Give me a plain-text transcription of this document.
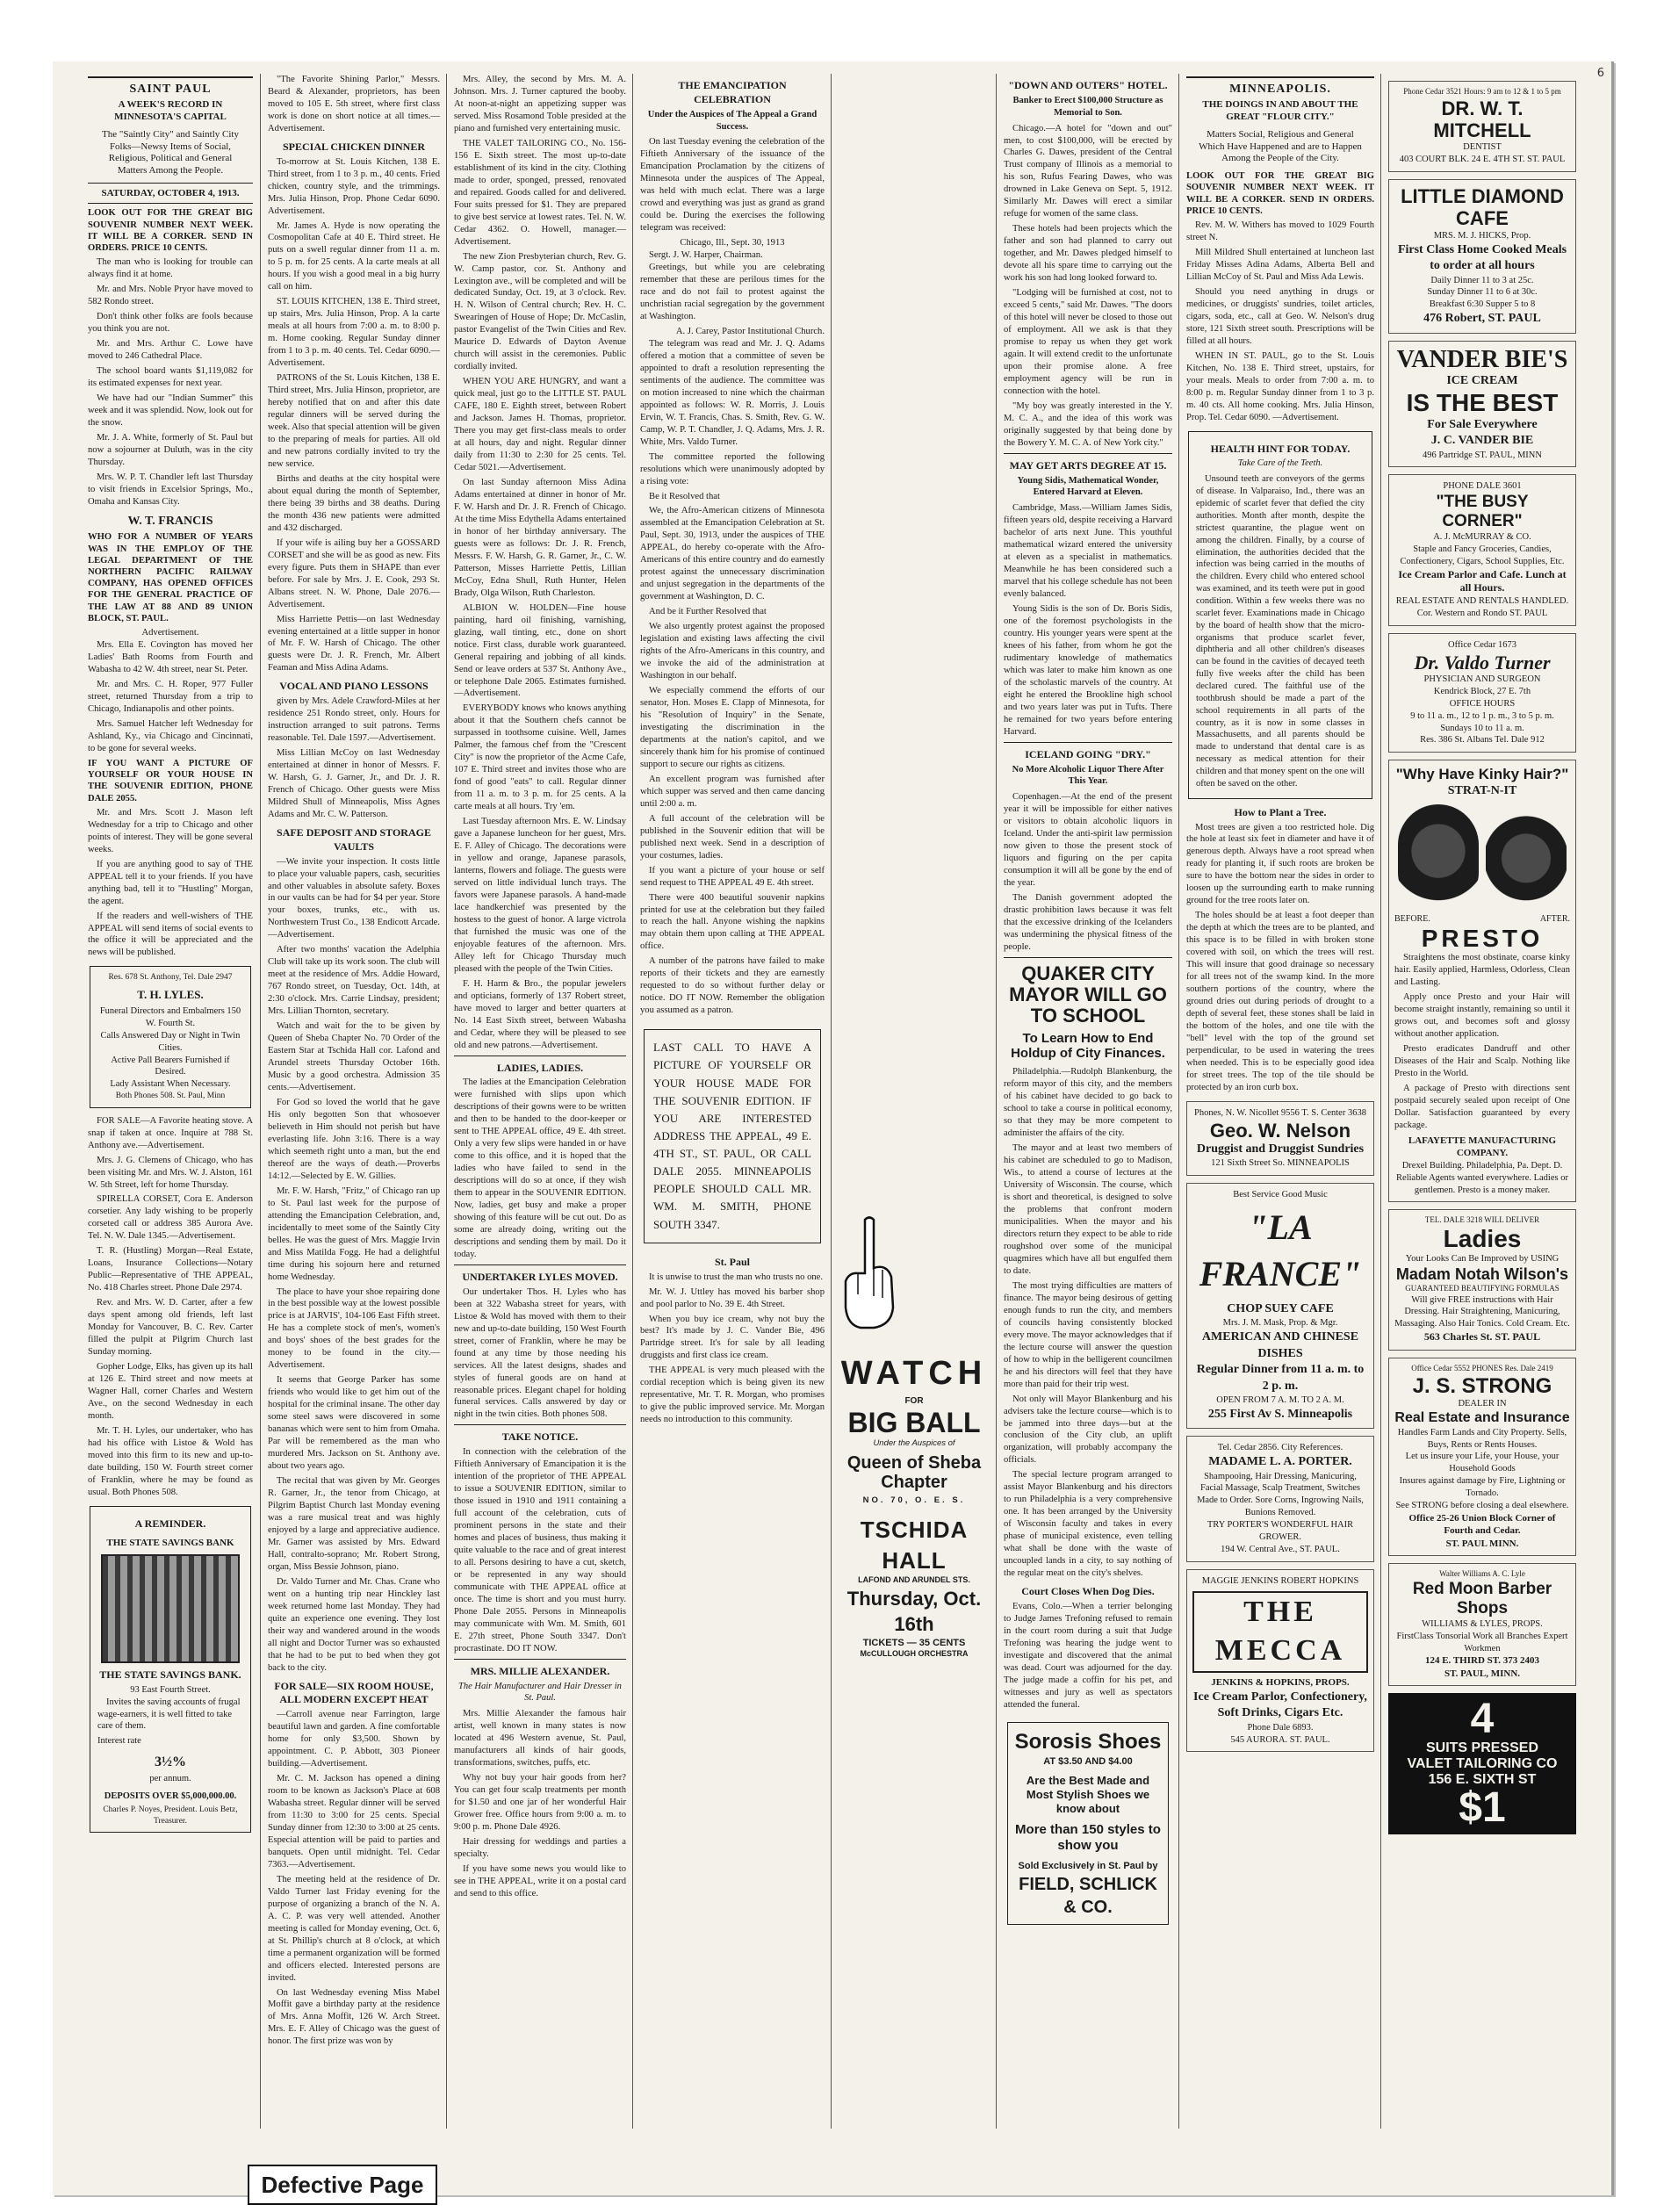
6
SAINT PAUL
A WEEK'S RECORD IN MINNESOTA'S CAPITAL
The "Saintly City" and Saintly City Folks—Newsy Items of Social, Religious, Political and General Matters Among the People.
SATURDAY, OCTOBER 4, 1913.

LOOK OUT FOR THE GREAT BIG SOUVENIR NUMBER NEXT WEEK. IT WILL BE A CORKER. SEND IN ORDERS. PRICE 10 CENTS.

The man who is looking for trouble can always find it at home.

Mr. and Mrs. Noble Pryor have moved to 582 Rondo street.

Don't think other folks are fools because you think you are not.

Mr. and Mrs. Arthur C. Lowe have moved to 246 Cathedral Place.

The school board wants $1,119,082 for its estimated expenses for next year.

We have had our "Indian Summer" this week and it was splendid. Now, look out for the snow.

Mr. J. A. White, formerly of St. Paul but now a sojourner at Duluth, was in the city Thursday.

Mrs. W. P. T. Chandler left last Thursday to visit friends in Excelsior Springs, Mo., Omaha and Kansas City.

W. T. FRANCIS

WHO FOR A NUMBER OF YEARS WAS IN THE EMPLOY OF THE LEGAL DEPARTMENT OF THE NORTHERN PACIFIC RAILWAY COMPANY, HAS OPENED OFFICES FOR THE GENERAL PRACTICE OF THE LAW AT 88 AND 89 UNION BLOCK, ST. PAUL.

Advertisement.

Mrs. Ella E. Covington has moved her Ladies' Bath Rooms from Fourth and Wabasha to 42 W. 4th street, near St. Peter.

Mr. and Mrs. C. H. Roper, 977 Fuller street, returned Thursday from a trip to Chicago, Indianapolis and other points.

Mrs. Samuel Hatcher left Wednesday for Ashland, Ky., via Chicago and Cincinnati, to be gone for several weeks.

IF YOU WANT A PICTURE OF YOURSELF OR YOUR HOUSE IN THE SOUVENIR EDITION, PHONE DALE 2055.

Mr. and Mrs. Scott J. Mason left Wednesday for a trip to Chicago and other points of interest. They will be gone several weeks.

If you are anything good to say of THE APPEAL tell it to your friends. If you have anything bad, tell it to "Hustling" Morgan, the agent.

If the readers and well-wishers of THE APPEAL will send items of social events to the office it will be appreciated and the news will be published.

Res. 678 St. Anthony, Tel. Dale 2947
T. H. LYLES.
Funeral Directors and Embalmers 150 W. Fourth St.
Calls Answered Day or Night in Twin Cities.
Active Pall Bearers Furnished if Desired.
Lady Assistant When Necessary.
Both Phones 508. St. Paul, Minn

FOR SALE—A Favorite heating stove. A snap if taken at once. Inquire at 788 St. Anthony ave.—Advertisement.

Mrs. J. G. Clemens of Chicago, who has been visiting Mr. and Mrs. W. J. Alston, 161 W. 5th Street, left for home Thursday.

SPIRELLA CORSET, Cora E. Anderson corsetier. Any lady wishing to be properly corseted call or address 385 Aurora Ave. Tel. N. W. Dale 1345.—Advertisement.

T. R. (Hustling) Morgan—Real Estate, Loans, Insurance Collections—Notary Public—Representative of THE APPEAL, No. 418 Charles street. Phone Dale 2974.

Rev. and Mrs. W. D. Carter, after a few days spent among old friends, left last Monday for Vancouver, B. C. Rev. Carter filled the pulpit at Pilgrim Church last Sunday morning.

Gopher Lodge, Elks, has given up its hall at 126 E. Third street and now meets at Wagner Hall, corner Charles and Western Ave., on the second Wednesday in each month.

Mr. T. H. Lyles, our undertaker, who has had his office with Listoe & Wold has moved into this firm to its new and up-to-date building, 150 W. Fourth street corner of Franklin, where he may be found as usual. Both Phones 508.

A REMINDER.
THE STATE SAVINGS BANK
THE STATE SAVINGS BANK.
93 East Fourth Street.

Invites the saving accounts of frugal wage-earners, it is well fitted to take care of them.

Interest rate
3½%
per annum.
DEPOSITS OVER $5,000,000.00.
Charles P. Noyes, President. Louis Betz, Treasurer.

"The Favorite Shining Parlor," Messrs. Beard & Alexander, proprietors, has been moved to 105 E. 5th street, where first class work is done on short notice at all times.—Advertisement.

SPECIAL CHICKEN DINNER

To-morrow at St. Louis Kitchen, 138 E. Third street, from 1 to 3 p. m., 40 cents. Fried chicken, country style, and the trimmings. Mrs. Julia Hinson, Prop. Phone Cedar 6090. Advertisement.

Mr. James A. Hyde is now operating the Cosmopolitan Cafe at 40 E. Third street. He puts on a swell regular dinner from 11 a. m. to 5 p. m. for 25 cents. A la carte meals at all hours. If you wish a good meal in a big hurry call on him.

ST. LOUIS KITCHEN, 138 E. Third street, up stairs, Mrs. Julia Hinson, Prop. A la carte meals at all hours from 7:00 a. m. to 8:00 p. m. Home cooking. Regular Sunday dinner from 1 to 3 p. m. 40 cents. Tel. Cedar 6090.—Advertisement.

PATRONS of the St. Louis Kitchen, 138 E. Third street, Mrs. Julia Hinson, proprietor, are hereby notified that on and after this date regular dinners will be served during the week. Also that special attention will be given to the preparing of meals for parties. All old and new patrons cordially invited to try the new service.

Births and deaths at the city hospital were about equal during the month of September, there being 39 births and 38 deaths. During the month 436 new patients were admitted and 432 discharged.

If your wife is ailing buy her a GOSSARD CORSET and she will be as good as new. Fits every figure. Puts them in SHAPE than ever before. For sale by Mrs. J. E. Cook, 293 St. Albans street. N. W. Phone, Dale 2076.—Advertisement.

Miss Harriette Pettis—on last Wednesday evening entertained at a little supper in honor of Mr. F. W. Harsh of Chicago. The other guests were Dr. J. R. French, Mr. Albert Feaman and Miss Adina Adams.

VOCAL AND PIANO LESSONS

given by Mrs. Adele Crawford-Miles at her residence 251 Rondo street, only. Hours for instruction arranged to suit patrons. Terms reasonable. Tel. Dale 1597.—Advertisement.

Miss Lillian McCoy on last Wednesday entertained at dinner in honor of Messrs. F. W. Harsh, G. J. Garner, Jr., and Dr. J. R. French of Chicago. Other guests were Miss Mildred Shull of Minneapolis, Miss Agnes Adams and Mr. C. W. Patterson.

SAFE DEPOSIT AND STORAGE VAULTS

—We invite your inspection. It costs little to place your valuable papers, cash, securities and other valuables in absolute safety. Boxes in our vaults can be had for $4 per year. Store your boxes, trunks, etc., with us. Northwestern Trust Co., 138 Endicott Arcade.—Advertisement.

After two months' vacation the Adelphia Club will take up its work soon. The club will meet at the residence of Mrs. Addie Howard, 767 Rondo street, on Tuesday, Oct. 14th, at 2:30 o'clock. Mrs. Carrie Lindsay, president; Mrs. Lillian Thornton, secretary.

Watch and wait for the to be given by Queen of Sheba Chapter No. 70 Order of the Eastern Star at Tschida Hall cor. Lafond and Arundel streets Thursday October 16th. Music by a good orchestra. Admission 35 cents.—Advertisement.

For God so loved the world that he gave His only begotten Son that whosoever believeth in Him should not perish but have everlasting life. John 3:16. There is a way which seemeth right unto a man, but the end thereof are the ways of death.—Proverbs 14:12.—Selected by E. W. Gillies.

Mr. F. W. Harsh, "Fritz," of Chicago ran up to St. Paul last week for the purpose of attending the Emancipation Celebration, and, incidentally to meet some of the Saintly City belles. He was the guest of Mrs. Maggie Irvin and Miss Matilda Fogg. He had a delightful time during his sojourn here and returned home Wednesday.

The place to have your shoe repairing done in the best possible way at the lowest possible price is at JARVIS', 104-106 East Fifth street. He has a complete stock of men's, women's and boys' shoes of the best grades for the money to be found in the city.—Advertisement.

It seems that George Parker has some friends who would like to get him out of the hospital for the criminal insane. The other day some steel saws were discovered in some bananas which were sent to him from Omaha. Par will be remembered as the man who murdered Mrs. Jackson on St. Anthony ave. about two years ago.

The recital that was given by Mr. Georges R. Garner, Jr., the tenor from Chicago, at Pilgrim Baptist Church last Monday evening was a rare musical treat and was highly enjoyed by a large and appreciative audience. Mr. Garner was assisted by Mrs. Edward Hall, contralto-soprano; Mr. Robert Strong, organ, Miss Bessie Johnson, piano.

Dr. Valdo Turner and Mr. Chas. Crane who went on a hunting trip near Hinckley last week returned home last Monday. They had quite an experience one evening. They lost their way and wandered around in the woods all night and Doctor Turner was so exhausted that he had to be put to bed when they got back to the city.

FOR SALE—SIX ROOM HOUSE, ALL MODERN EXCEPT HEAT

—Carroll avenue near Farrington, large beautiful lawn and garden. A fine comfortable home for only $3,500. Shown by appointment. C. P. Abbott, 303 Pioneer building.—Advertisement.

Mr. C. M. Jackson has opened a dining room to be known as Jackson's Place at 608 Wabasha street. Regular dinner will be served from 11:30 to 3:00 for 25 cents. Special Sunday dinner from 12:30 to 3:00 at 25 cents. Especial attention will be paid to parties and banquets. Open until midnight. Tel. Cedar 7363.—Advertisement.

The meeting held at the residence of Dr. Valdo Turner last Friday evening for the purpose of organizing a branch of the N. A. A. C. P. was very well attended. Another meeting is called for Monday evening, Oct. 6, at St. Phillip's church at 8 o'clock, at which time a permanent organization will be formed and officers elected. Interested persons are invited.

On last Wednesday evening Miss Mabel Moffit gave a birthday party at the residence of Mrs. Anna Moffit, 126 W. Arch Street. Mrs. E. F. Alley of Chicago was the guest of honor. The first prize was won by

Mrs. Alley, the second by Mrs. M. A. Johnson. Mrs. J. Turner captured the booby. At noon-at-night an appetizing supper was served. Miss Rosamond Toble presided at the piano and furnished very entertaining music.

THE VALET TAILORING CO., No. 156-156 E. Sixth street. The most up-to-date establishment of its kind in the city. Clothing made to order, sponged, pressed, renovated and repaired. Goods called for and delivered. Four suits pressed for $1. They are prepared to give best service at lowest rates. Tel. N. W. Cedar 4362. O. Howell, manager.—Advertisement.

The new Zion Presbyterian church, Rev. G. W. Camp pastor, cor. St. Anthony and Lexington ave., will be completed and will be dedicated Sunday, Oct. 19, at 3 o'clock. Rev. H. N. Wilson of Central church; Rev. H. C. Swearingen of House of Hope; Dr. McCaslin, pastor Evangelist of the Twin Cities and Rev. Maurice D. Edwards of Dayton Avenue church will assist in the ceremonies. Public cordially invited.

WHEN YOU ARE HUNGRY, and want a quick meal, just go to the LITTLE ST. PAUL CAFE, 180 E. Eighth street, between Robert and Jackson. James H. Thomas, proprietor. There you may get first-class meals to order at all hours, day and night. Regular dinner daily from 11:30 to 2:30 for 25 cents. Tel. Cedar 5021.—Advertisement.

On last Sunday afternoon Miss Adina Adams entertained at dinner in honor of Mr. F. W. Harsh and Dr. J. R. French of Chicago. At the time Miss Edythella Adams entertained in honor of her birthday anniversary. The guests were as follows: Dr. J. R. French, Messrs. F. W. Harsh, G. R. Garner, Jr., C. W. Patterson, Misses Harriette Pettis, Lillian McCoy, Edna Shull, Ruth Hunter, Helen Brady, Olga Wilson, Ruth Charleston.

ALBION W. HOLDEN—Fine house painting, hard oil finishing, varnishing, glazing, wall tinting, etc., done on short notice. First class, durable work guaranteed. General repairing and jobbing of all kinds. Send or leave orders at 537 St. Anthony Ave., or telephone Dale 2065. Estimates furnished.—Advertisement.

EVERYBODY knows who knows anything about it that the Southern chefs cannot be surpassed in toothsome cuisine. Well, James Palmer, the famous chef from the "Crescent City" is now the proprietor of the Acme Cafe, 107 E. Third street and invites those who are fond of good "eats" to call. Regular dinner from 11 a. m. to 3 p. m. for 25 cents. A la carte meals at all hours. Try 'em.

Last Tuesday afternoon Mrs. E. W. Lindsay gave a Japanese luncheon for her guest, Mrs. E. F. Alley of Chicago. The decorations were in yellow and orange, Japanese parasols, lanterns, flowers and foliage. The guests were served on little individual lunch trays. The favors were Japanese parasols. A hand-made lace handkerchief was presented by the hostess to the guest of honor. A large victrola that furnished the music was one of the enjoyable features of the afternoon. Mrs. Alley left for Chicago Thursday much pleased with the people of the Twin Cities.

F. H. Harm & Bro., the popular jewelers and opticians, formerly of 137 Robert street, have moved to larger and better quarters at No. 14 East Sixth street, between Wabasha and Cedar, where they will be pleased to see old and new patrons.—Advertisement.

LADIES, LADIES.

The ladies at the Emancipation Celebration were furnished with slips upon which descriptions of their gowns were to be written and then to be handed to the door-keeper or sent to THE APPEAL office, 49 E. 4th street. Only a very few slips were handed in or have come to this office, and it is hoped that the ladies who have failed to send in the descriptions will do so at once, if they wish them to appear in the SOUVENIR EDITION. Now, ladies, get busy and make a proper showing of this feature will be cut out. Do as some are already doing, writing out the descriptions and sending them by mail. Do it today.

UNDERTAKER LYLES MOVED.

Our undertaker Thos. H. Lyles who has been at 322 Wabasha street for years, with Listoe & Wold has moved with them to their new and up-to-date building, 150 West Fourth street, corner of Franklin, where he may be found at any time by those needing his services. All the latest designs, shades and styles of funeral goods are on hand at reasonable prices. Elegant chapel for holding funeral services. Calls answered by day or night in the twin cities. Both phones 508.

TAKE NOTICE.

In connection with the celebration of the Fiftieth Anniversary of Emancipation it is the intention of the proprietor of THE APPEAL to issue a SOUVENIR EDITION, similar to those issued in 1910 and 1911 containing a full account of the celebration, cuts of prominent persons in the state and their homes and places of business, thus making it quite valuable to the race and of great interest to all. Persons desiring to have a cut, sketch, or be represented in any way should communicate with THE APPEAL office at once. The time is short and you must hurry. Phone Dale 2055. Persons in Minneapolis may communicate with Wm. M. Smith, 601 E. 27th street, Phone South 3347. Don't procrastinate. DO IT NOW.

MRS. MILLIE ALEXANDER.
The Hair Manufacturer and Hair Dresser in St. Paul.

Mrs. Millie Alexander the famous hair artist, well known in many states is now located at 496 Western avenue, St. Paul, manufacturers all kinds of hair goods, transformations, switches, puffs, etc.

Why not buy your hair goods from her? You can get four scalp treatments per month for $1.50 and one jar of her wonderful Hair Grower free. Office hours from 9:00 a. m. to 9:00 p. m. Phone Dale 4926.

Hair dressing for weddings and parties a specialty.

If you have some news you would like to see in THE APPEAL, write it on a postal card and send to this office.

THE EMANCIPATION CELEBRATION
Under the Auspices of The Appeal a Grand Success.

On last Tuesday evening the celebration of the Fiftieth Anniversary of the issuance of the Emancipation Proclamation by the citizens of Minnesota under the auspices of The Appeal, was held with much eclat. There was a large crowd and everything was just as grand as grand could be. During the exercises the following telegram was received:

Chicago, Ill., Sept. 30, 1913
Sergt. J. W. Harper, Chairman.

Greetings, but while you are celebrating remember that these are perilous times for the race and do not fail to protest against the unchristian racial segregation by the government at Washington.

A. J. Carey, Pastor Institutional Church.

The telegram was read and Mr. J. Q. Adams offered a motion that a committee of seven be appointed to draft a resolution representing the sentiments of the audience. The committee was on motion increased to nine which the chairman appointed as follows: W. R. Morris, J. Louis Ervin, W. T. Francis, Chas. S. Smith, Rev. G. W. Camp, W. P. T. Chandler, J. Q. Adams, Mrs. J. R. White, Mrs. Valdo Turner.

The committee reported the following resolutions which were unanimously adopted by a rising vote:

Be it Resolved that

We, the Afro-American citizens of Minnesota assembled at the Emancipation Celebration at St. Paul, Sept. 30, 1913, under the auspices of THE APPEAL, do hereby co-operate with the Afro-Americans of this entire country and do earnestly protest against the unnecessary discrimination and unjust segregation in the departments of the government at Washington, D. C.

And be it Further Resolved that

We also urgently protest against the proposed legislation and existing laws affecting the civil rights of the Afro-Americans in this country, and we invoke the aid of the administration at Washington in our behalf.

We especially commend the efforts of our senator, Hon. Moses E. Clapp of Minnesota, for his "Resolution of Inquiry" in the Senate, investigating the discrimination in the departments at the nation's capitol, and we sincerely thank him for his promise of continued support to secure our rights as citizens.

An excellent program was furnished after which supper was served and then came dancing until 2:00 a. m.

A full account of the celebration will be published in the Souvenir edition that will be published next week. Send in a description of your costumes, ladies.

If you want a picture of your house or self send request to THE APPEAL 49 E. 4th street.

There were 400 beautiful souvenir napkins printed for use at the celebration but they failed to reach the hall. Anyone wishing the napkins may obtain them upon calling at THE APPEAL office.

A number of the patrons have failed to make reports of their tickets and they are earnestly requested to do so without further delay or notice. DO IT NOW. Remember the obligation you assumed as a patron.

LAST CALL TO HAVE A PICTURE OF YOURSELF OR YOUR HOUSE MADE FOR THE SOUVENIR EDITION. IF YOU ARE INTERESTED ADDRESS THE APPEAL, 49 E. 4TH ST., ST. PAUL, OR CALL DALE 2055. MINNEAPOLIS PEOPLE SHOULD CALL MR. WM. M. SMITH, PHONE SOUTH 3347.
St. Paul

It is unwise to trust the man who trusts no one.

Mr. W. J. Uttley has moved his barber shop and pool parlor to No. 39 E. 4th Street.

When you buy ice cream, why not buy the best? It's made by J. C. Vander Bie, 496 Partridge street. It's for sale by all leading druggists and first class ice cream.

THE APPEAL is very much pleased with the cordial reception which is being given its new representative, Mr. T. R. Morgan, who promises to give the public improved service. Mr. Morgan needs no introduction to this community.

WATCH
FOR
BIG BALL
Under the Auspices of
Queen of Sheba Chapter
NO. 70, O. E. S.
TSCHIDA HALL
LAFOND AND ARUNDEL STS.
Thursday, Oct. 16th
TICKETS — 35 CENTS
McCULLOUGH ORCHESTRA
"DOWN AND OUTERS" HOTEL.
Banker to Erect $100,000 Structure as Memorial to Son.

Chicago.—A hotel for "down and out" men, to cost $100,000, will be erected by Charles G. Dawes, president of the Central Trust company of Illinois as a memorial to his son, Rufus Fearing Dawes, who was drowned in Lake Geneva on Sept. 5, 1912. Similarly Mr. Dawes will erect a similar refuge for women of the same class.

These hotels had been projects which the father and son had planned to carry out together, and Mr. Dawes pledged himself to devote all his spare time to carrying out the work his son had long looked forward to.

"Lodging will be furnished at cost, not to exceed 5 cents," said Mr. Dawes. "The doors of this hotel will never be closed to those out of employment. All we ask is that they promise to repay us when they get work again. It will extend credit to the unfortunate upon their promise alone. A free employment agency will be run in connection with the hotel.

"My boy was greatly interested in the Y. M. C. A., and the idea of this work was originally suggested by that being done by the Bowery Y. M. C. A. of New York city."

MAY GET ARTS DEGREE AT 15.
Young Sidis, Mathematical Wonder, Entered Harvard at Eleven.

Cambridge, Mass.—William James Sidis, fifteen years old, despite receiving a Harvard bachelor of arts next June. This youthful mathematical wizard entered the university at eleven as a specialist in mathematics. Meanwhile he has been considered such a marvel that his college schedule has not been evenly balanced.

Young Sidis is the son of Dr. Boris Sidis, one of the foremost psychologists in the country. His younger years were spent at the knees of his father, from whom he got the rudimentary knowledge of mathematics which was later to make him known as one of the scholastic marvels of the country. At eight he entered the Brookline high school and two years later was put in Tufts. There he remained for two years before entering Harvard.

ICELAND GOING "DRY."
No More Alcoholic Liquor There After This Year.

Copenhagen.—At the end of the present year it will be impossible for either natives or visitors to obtain alcoholic liquors in Iceland. Under the anti-spirit law permission now given to those the present stock of liquors and figuring on the per capita consumption it will all be gone by the end of the year.

The Danish government adopted the drastic prohibition laws because it was felt that the excessive drinking of the Icelanders was undermining the physical fitness of the people.

QUAKER CITY MAYOR WILL GO TO SCHOOL
To Learn How to End Holdup of City Finances.

Philadelphia.—Rudolph Blankenburg, the reform mayor of this city, and the members of his cabinet have decided to go back to school to take a course in political economy, so that they may be more competent to administer the affairs of the city.

The mayor and at least two members of his cabinet are scheduled to go to Madison, Wis., to attend a course of lectures at the University of Wisconsin. The course, which is short and theoretical, is designed to solve the problems that confront modern municipalities. When the mayor and his directors return they expect to be able to ride roughshod over some of the municipal quagmires which have all but engulfed them to date.

The most trying difficulties are matters of finance. The mayor being desirous of getting enough funds to run the city, and members of councils having consistently blocked every move. The mayor acknowledges that if the lecture course will answer the question of how to whip in the belligerent councilmen he and his directors will feel that they have more than paid for their trip west.

Not only will Mayor Blankenburg and his advisers take the lecture course—which is to be jammed into three days—but at the conclusion of the City club, an uplift organization, will probably accompany the officials.

The special lecture program arranged to assist Mayor Blankenburg and his directors to run Philadelphia is a very comprehensive one. It has been arranged by the University of Wisconsin faculty and takes in every phase of municipal existence, even telling what shall be done with the waste of uncoupled lands in a city, to say nothing of the regular meat on the city's shelves.

Court Closes When Dog Dies.

Evans, Colo.—When a terrier belonging to Judge James Trefoning refused to remain in the court room during a suit that Judge Trefoning was hearing the judge went to investigate and discovered that the animal was dead. Court was adjourned for the day. The judge made a coffin for his pet, and witnesses and jury as well as spectators attended the funeral.

Sorosis Shoes
AT $3.50 AND $4.00
Are the Best Made and Most Stylish Shoes we know about
More than 150 styles to show you
Sold Exclusively in St. Paul by
FIELD, SCHLICK & CO.
MINNEAPOLIS.
THE DOINGS IN AND ABOUT THE GREAT "FLOUR CITY."
Matters Social, Religious and General Which Have Happened and are to Happen Among the People of the City.

LOOK OUT FOR THE GREAT BIG SOUVENIR NUMBER NEXT WEEK. IT WILL BE A CORKER. SEND IN ORDERS. PRICE 10 CENTS.

Rev. M. W. Withers has moved to 1029 Fourth street N.

Mill Mildred Shull entertained at luncheon last Friday Misses Adina Adams, Alberta Bell and Lillian McCoy of St. Paul and Miss Ada Lewis.

Should you need anything in drugs or medicines, or druggists' sundries, toilet articles, cigars, soda, etc., call at Geo. W. Nelson's drug store, 121 Sixth street south. Prescriptions will be filled at all hours.

WHEN IN ST. PAUL, go to the St. Louis Kitchen, No. 138 E. Third street, upstairs, for your meals. Meals to order from 7:00 a. m. to 8:00 p. m. Regular Sunday dinner from 1 to 3 p. m. 40 cts. All home cooking. Mrs. Julia Hinson, Prop. Tel. Cedar 6090. —Advertisement.

HEALTH HINT FOR TODAY.
Take Care of the Teeth.

Unsound teeth are conveyors of the germs of disease. In Valparaiso, Ind., there was an epidemic of scarlet fever that defied the city authorities. Month after month, despite the strictest quarantine, the plague went on among the children. Finally, by a course of elimination, the authorities decided that the infection was being carried in the mouths of the children. Every child who entered school was examined, and its teeth were put in good condition. Within a few weeks there was no scarlet fever. Examinations made in Chicago by the board of health show that the micro-organisms that produce scarlet fever, diphtheria and all other children's diseases can be found in the cavities of decayed teeth fully five weeks after the child has been declared cured. The faithful use of the toothbrush should be made a part of the school requirements in all parts of the country, as it is now in some classes in Massachusetts, and all parents should be made to understand that dental care is as necessary as medical attention for their children and that money spent on the one will often be saved on the other.

How to Plant a Tree.

Most trees are given a too restricted hole. Dig the hole at least six feet in diameter and have it of generous depth. Always have a root spread when ready for planting it, if such roots are broken be sure to have the bottom near the sides in order to loosen up the surrounding earth to make running ground for the tree roots later on.

The holes should be at least a foot deeper than the depth at which the trees are to be planted, and this space is to be filled in with broken stone covered with soil, on which the trees will rest. This will insure that good drainage so necessary for all trees not of the swamp kind. In the more southern portions of the country, where the ground dries out during periods of drought to a depth of several feet, these stones shall be laid in the bottom of the holes, and one tile with the "bell" level with the top of the ground set perpendicular, to be used in watering the trees when needed. This is to be especially good idea for street trees. The top of the tile should be protected by an iron curb box.

Phones, N. W. Nicollet 9556 T. S. Center 3638
Geo. W. Nelson
Druggist and Druggist Sundries
121 Sixth Street So. MINNEAPOLIS
Best Service Good Music
"LA FRANCE"
CHOP SUEY CAFE
Mrs. J. M. Mask, Prop. & Mgr.
AMERICAN AND CHINESE DISHES
Regular Dinner from 11 a. m. to 2 p. m.
OPEN FROM 7 A. M. TO 2 A. M.
255 First Av S. Minneapolis
Tel. Cedar 2856. City References.
MADAME L. A. PORTER.
Shampooing, Hair Dressing, Manicuring, Facial Massage, Scalp Treatment, Switches Made to Order. Sore Corns, Ingrowing Nails, Bunions Removed.
TRY PORTER'S WONDERFUL HAIR GROWER.
194 W. Central Ave., ST. PAUL.
MAGGIE JENKINS ROBERT HOPKINS
THE MECCA
JENKINS & HOPKINS, PROPS.
Ice Cream Parlor, Confectionery, Soft Drinks, Cigars Etc.
Phone Dale 6893.
545 AURORA. ST. PAUL.
Phone Cedar 3521 Hours: 9 am to 12 & 1 to 5 pm
DR. W. T. MITCHELL
DENTIST
403 COURT BLK. 24 E. 4TH ST. ST. PAUL
LITTLE DIAMOND CAFE
MRS. M. J. HICKS, Prop.
First Class Home Cooked Meals to order at all hours
Daily Dinner 11 to 3 at 25c.
Sunday Dinner 11 to 6 at 30c.
Breakfast 6:30 Supper 5 to 8
476 Robert, ST. PAUL
VANDER BIE'S
ICE CREAM
IS THE BEST
For Sale Everywhere
J. C. VANDER BIE
496 Partridge ST. PAUL, MINN
PHONE DALE 3601
"THE BUSY CORNER"
A. J. McMURRAY & CO.
Staple and Fancy Groceries, Candies, Confectionery, Cigars, School Supplies, Etc.
Ice Cream Parlor and Cafe. Lunch at all Hours.
REAL ESTATE AND RENTALS HANDLED.
Cor. Western and Rondo ST. PAUL
Office Cedar 1673
Dr. Valdo Turner
PHYSICIAN AND SURGEON
Kendrick Block, 27 E. 7th
OFFICE HOURS
9 to 11 a. m., 12 to 1 p. m., 3 to 5 p. m.
Sundays 10 to 11 a. m.
Res. 386 St. Albans Tel. Dale 912
"Why Have Kinky Hair?"
STRAT-N-IT
BEFORE.	AFTER.
PRESTO

Straightens the most obstinate, coarse kinky hair. Easily applied, Harmless, Odorless, Clean and Lasting.

Apply once Presto and your Hair will become straight instantly, remaining so until it grows out, and becomes soft and glossy without another application.

Presto eradicates Dandruff and other Diseases of the Hair and Scalp. Nothing like Presto in the World.

A package of Presto with directions sent postpaid securely sealed upon receipt of One Dollar. Satisfaction guaranteed by every package.

LAFAYETTE MANUFACTURING COMPANY.
Drexel Building. Philadelphia, Pa. Dept. D.
Reliable Agents wanted everywhere. Ladies or gentlemen. Presto is a money maker.
TEL. DALE 3218 WILL DELIVER
Ladies
Your Looks Can Be Improved by USING
Madam Notah Wilson's
GUARANTEED BEAUTIFYING FORMULAS
Will give FREE instructions with Hair Dressing. Hair Straightening, Manicuring, Massaging. Also Hair Tonics. Cold Cream. Etc.
563 Charles St. ST. PAUL
Office Cedar 5552 PHONES Res. Dale 2419
J. S. STRONG
DEALER IN
Real Estate and Insurance
Handles Farm Lands and City Property. Sells, Buys, Rents or Rents Houses.
Let us insure your Life, your House, your Household Goods
Insures against damage by Fire, Lightning or Tornado.
See STRONG before closing a deal elsewhere.
Office 25-26 Union Block Corner of Fourth and Cedar.
ST. PAUL MINN.
Walter Williams A. C. Lyle
Red Moon Barber Shops
WILLIAMS & LYLES, PROPS.
FirstClass Tonsorial Work all Branches Expert Workmen
124 E. THIRD ST. 373 2403
ST. PAUL, MINN.
4 SUITS PRESSED
VALET TAILORING CO
156 E. SIXTH ST $1
Defective Page
